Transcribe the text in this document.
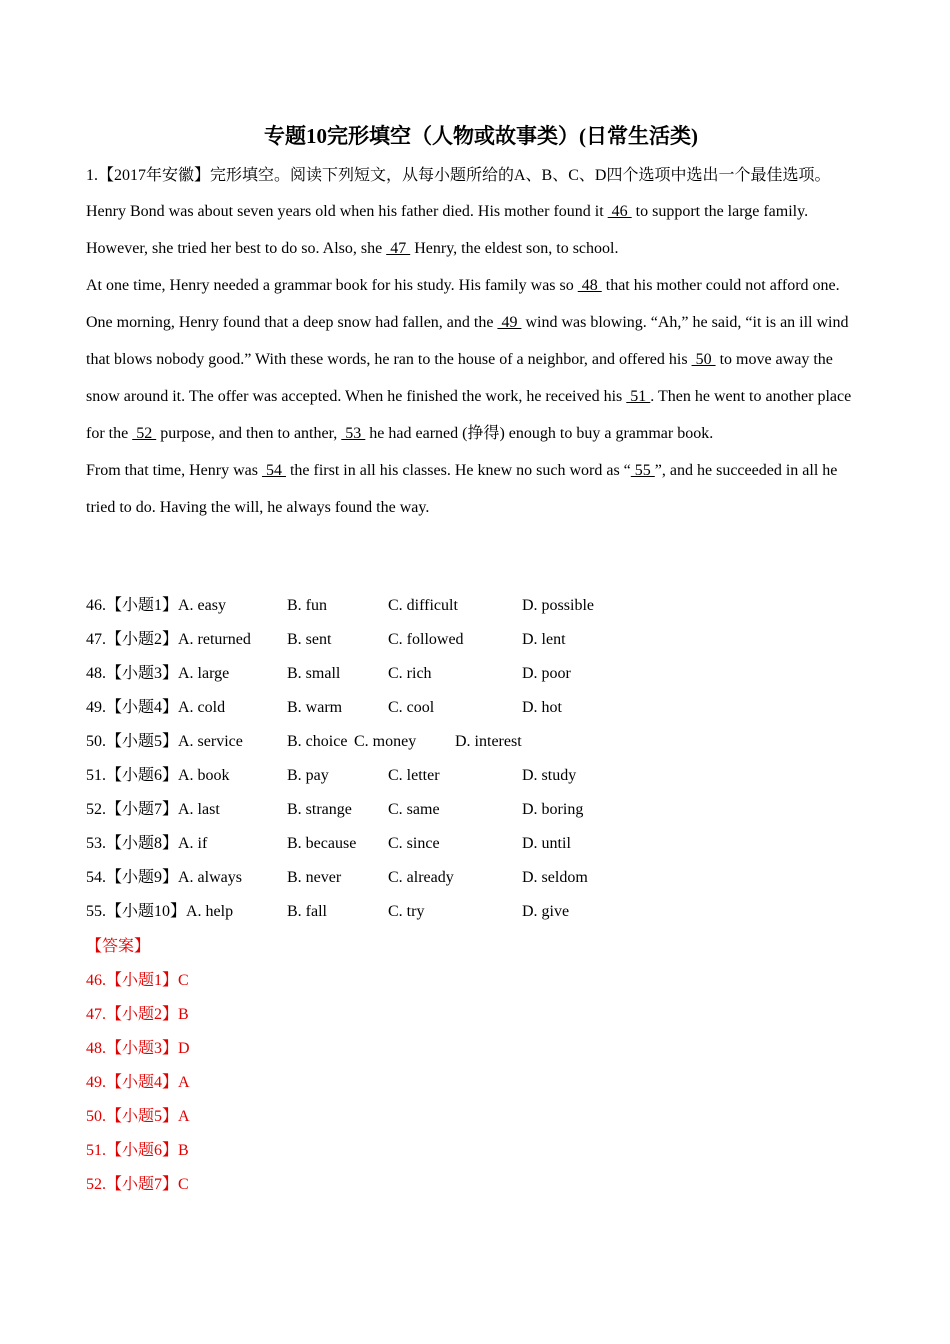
专题10完形填空（人物或故事类）(日常生活类)
1.【2017年安徽】完形填空。阅读下列短文，从每小题所给的A、B、C、D四个选项中选出一个最佳选项。

Henry Bond was about seven years old when his father died. His mother found it  46  to support the large family. However, she tried her best to do so. Also, she  47  Henry, the eldest son, to school.

At one time, Henry needed a grammar book for his study. His family was so  48  that his mother could not afford one.

One morning, Henry found that a deep snow had fallen, and the  49  wind was blowing. “Ah,” he said, “it is an ill wind that blows nobody good.” With these words, he ran to the house of a neighbor, and offered his  50  to move away the snow around it. The offer was accepted. When he finished the work, he received his  51 . Then he went to another place for the  52  purpose, and then to anther,  53  he had earned (挣得) enough to buy a grammar book.

From that time, Henry was  54  the first in all his classes. He knew no such word as “ 55 ”, and he succeeded in all he tried to do. Having the will, he always found the way.

46.【小题1】A. easy	B. fun	C. difficult	D. possible
47.【小题2】A. returned B. sent	C. followed	D. lent
48.【小题3】A. large	B. small	C. rich	D. poor
49.【小题4】A. cold	B. warm	C. cool	D. hot
50.【小题5】A. service	B. choice C. money D. interest
51.【小题6】A. book	B. pay	C. letter	D. study
52.【小题7】A. last	B. strange C. same	D. boring
53.【小题8】A. if	B. because C. since	D. until
54.【小题9】A. always	B. never	C. already	D. seldom
55.【小题10】A. help	B. fall	C. try	D. give
【答案】
46.【小题1】C
47.【小题2】B
48.【小题3】D
49.【小题4】A
50.【小题5】A
51.【小题6】B
52.【小题7】C
